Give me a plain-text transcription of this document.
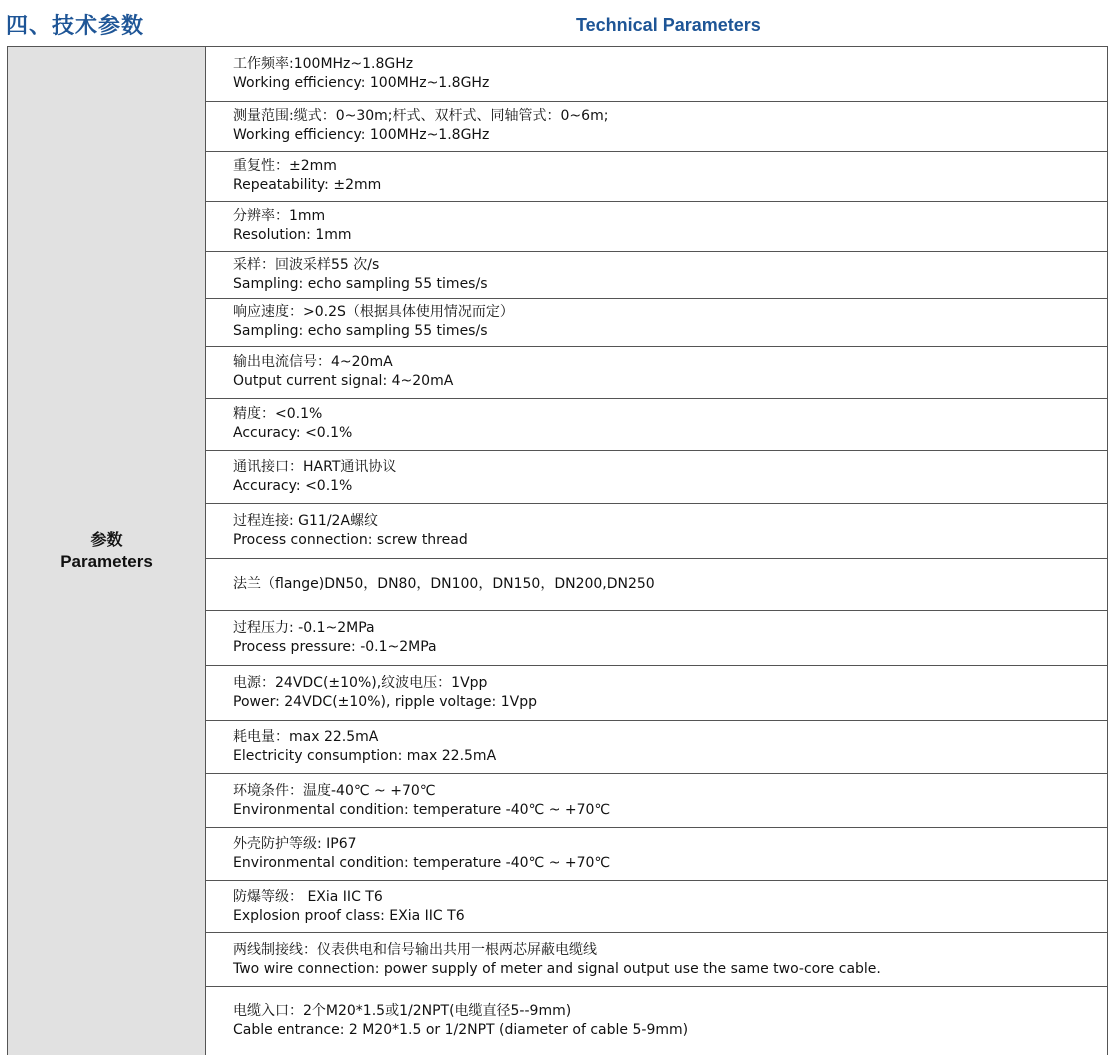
四、技术参数	Technical Parameters
参数
Parameters
工作频率:100MHz~1.8GHz
Working efficiency: 100MHz~1.8GHz
测量范围:缆式：0~30m;杆式、双杆式、同轴管式：0~6m;
Working efficiency: 100MHz~1.8GHz
重复性：±2mm
Repeatability: ±2mm
分辨率：1mm
Resolution: 1mm
采样：回波采样55 次/s
Sampling: echo sampling 55 times/s
响应速度：>0.2S（根据具体使用情况而定）
Sampling: echo sampling 55 times/s
输出电流信号：4~20mA
Output current signal: 4~20mA
精度：<0.1%
Accuracy: <0.1%
通讯接口：HART通讯协议
Accuracy: <0.1%
过程连接: G11/2A螺纹
Process connection: screw thread
法兰（flange)DN50，DN80，DN100，DN150，DN200,DN250
过程压力: -0.1~2MPa
Process pressure: -0.1~2MPa
电源：24VDC(±10%),纹波电压：1Vpp
Power: 24VDC(±10%), ripple voltage: 1Vpp
耗电量：max 22.5mA
Electricity consumption: max 22.5mA
环境条件：温度-40℃ ~ +70℃
Environmental condition: temperature -40℃ ~ +70℃
外壳防护等级: IP67
Environmental condition: temperature -40℃ ~ +70℃
防爆等级： EXia IIC T6
Explosion proof class: EXia IIC T6
两线制接线：仪表供电和信号输出共用一根两芯屏蔽电缆线
Two wire connection: power supply of meter and signal output use the same two-core cable.
电缆入口：2个M20*1.5或1/2NPT(电缆直径5--9mm)
Cable entrance: 2 M20*1.5 or 1/2NPT (diameter of cable 5-9mm)
